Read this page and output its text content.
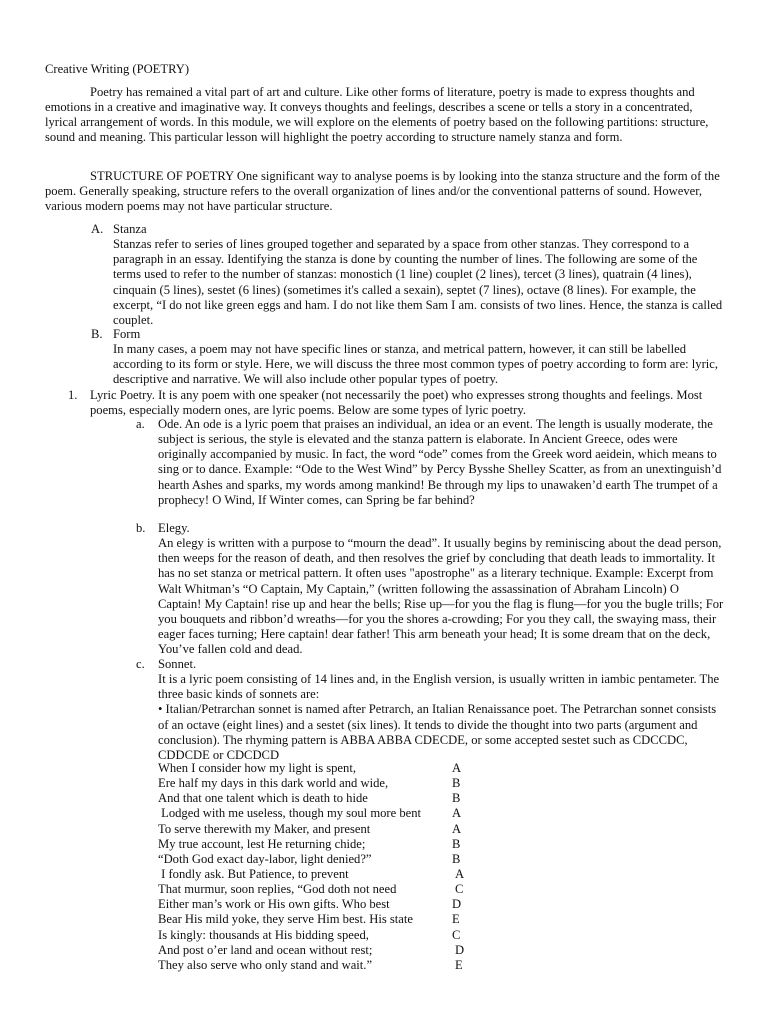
Creative Writing (POETRY)
Poetry has remained a vital part of art and culture. Like other forms of literature, poetry is made to express thoughts and emotions in a creative and imaginative way. It conveys thoughts and feelings, describes a scene or tells a story in a concentrated, lyrical arrangement of words. In this module, we will explore on the elements of poetry based on the following partitions: structure, sound and meaning. This particular lesson will highlight the poetry according to structure namely stanza and form.
STRUCTURE OF POETRY One significant way to analyse poems is by looking into the stanza structure and the form of the poem. Generally speaking, structure refers to the overall organization of lines and/or the conventional patterns of sound. However, various modern poems may not have particular structure.
A. Stanza
Stanzas refer to series of lines grouped together and separated by a space from other stanzas. They correspond to a paragraph in an essay. Identifying the stanza is done by counting the number of lines. The following are some of the terms used to refer to the number of stanzas: monostich (1 line) couplet (2 lines), tercet (3 lines), quatrain (4 lines), cinquain (5 lines), sestet (6 lines) (sometimes it's called a sexain), septet (7 lines), octave (8 lines). For example, the excerpt, “I do not like green eggs and ham. I do not like them Sam I am. consists of two lines. Hence, the stanza is called couplet.
B. Form
In many cases, a poem may not have specific lines or stanza, and metrical pattern, however, it can still be labelled according to its form or style. Here, we will discuss the three most common types of poetry according to form are: lyric, descriptive and narrative. We will also include other popular types of poetry.
1. Lyric Poetry. It is any poem with one speaker (not necessarily the poet) who expresses strong thoughts and feelings. Most poems, especially modern ones, are lyric poems. Below are some types of lyric poetry.
a. Ode. An ode is a lyric poem that praises an individual, an idea or an event. The length is usually moderate, the subject is serious, the style is elevated and the stanza pattern is elaborate. In Ancient Greece, odes were originally accompanied by music. In fact, the word “ode” comes from the Greek word aeidein, which means to sing or to dance. Example: “Ode to the West Wind” by Percy Bysshe Shelley Scatter, as from an unextinguish’d hearth Ashes and sparks, my words among mankind! Be through my lips to unawaken’d earth The trumpet of a prophecy! O Wind, If Winter comes, can Spring be far behind?
b. Elegy.
An elegy is written with a purpose to “mourn the dead”. It usually begins by reminiscing about the dead person, then weeps for the reason of death, and then resolves the grief by concluding that death leads to immortality. It has no set stanza or metrical pattern. It often uses "apostrophe" as a literary technique. Example: Excerpt from Walt Whitman’s “O Captain, My Captain,” (written following the assassination of Abraham Lincoln) O Captain! My Captain! rise up and hear the bells; Rise up—for you the flag is flung—for you the bugle trills; For you bouquets and ribbon’d wreaths—for you the shores a-crowding; For you they call, the swaying mass, their eager faces turning; Here captain! dear father! This arm beneath your head; It is some dream that on the deck, You’ve fallen cold and dead.
c. Sonnet.
It is a lyric poem consisting of 14 lines and, in the English version, is usually written in iambic pentameter. The three basic kinds of sonnets are:
• Italian/Petrarchan sonnet is named after Petrarch, an Italian Renaissance poet. The Petrarchan sonnet consists of an octave (eight lines) and a sestet (six lines). It tends to divide the thought into two parts (argument and conclusion). The rhyming pattern is ABBA ABBA CDECDE, or some accepted sestet such as CDCCDC, CDDCDE or CDCDCD
When I consider how my light is spent,	A
Ere half my days in this dark world and wide,	B
And that one talent which is death to hide	B
Lodged with me useless, though my soul more bent A
To serve therewith my Maker, and present	A
My true account, lest He returning chide;	B
“Doth God exact day-labor, light denied?”	B
I fondly ask. But Patience, to prevent	A
That murmur, soon replies, “God doth not need	C
Either man’s work or His own gifts. Who best	D
Bear His mild yoke, they serve Him best. His state	E
Is kingly: thousands at His bidding speed,	C
And post o’er land and ocean without rest;	D
They also serve who only stand and wait.”	E
